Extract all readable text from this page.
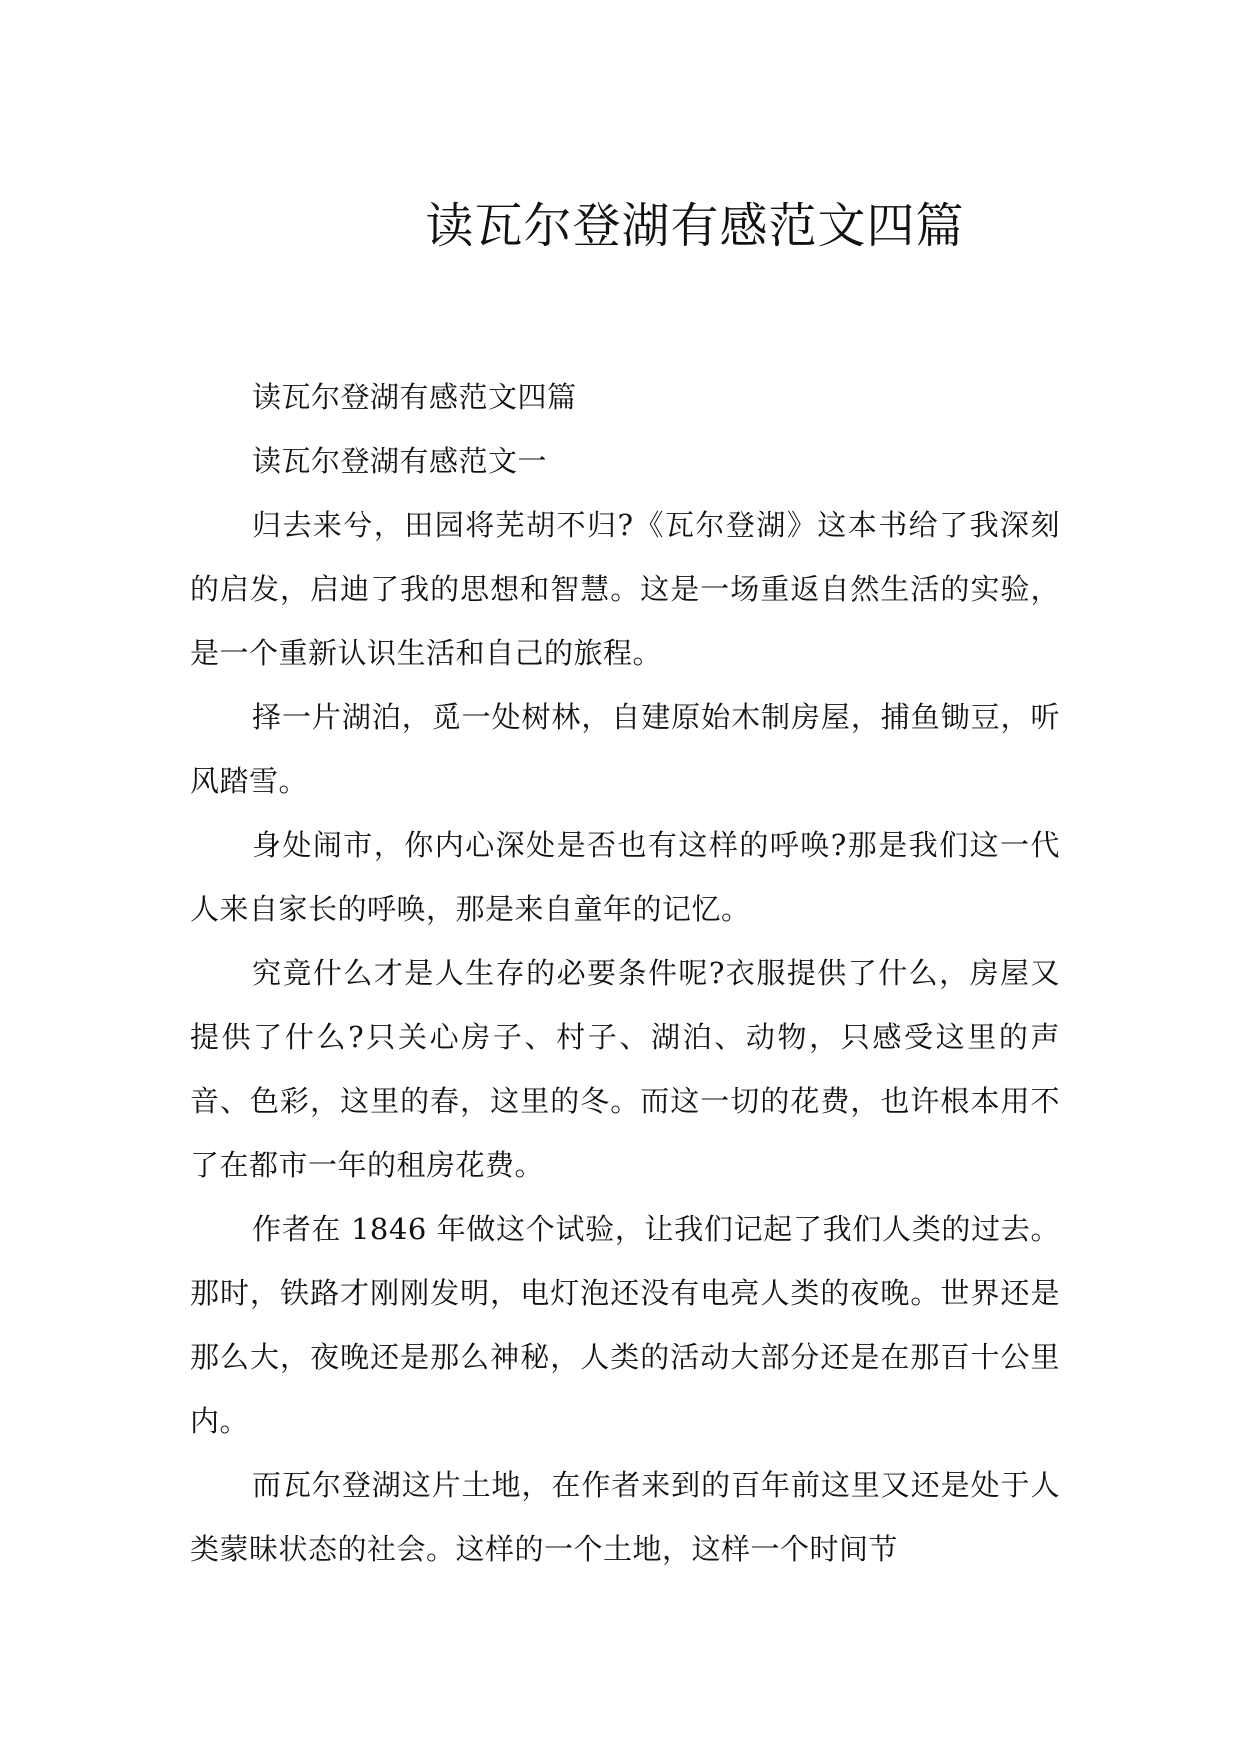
读瓦尔登湖有感范文四篇

读瓦尔登湖有感范文四篇

读瓦尔登湖有感范文一

归去来兮，田园将芜胡不归?《瓦尔登湖》这本书给了我深刻的启发，启迪了我的思想和智慧。这是一场重返自然生活的实验，是一个重新认识生活和自己的旅程。

择一片湖泊，觅一处树林，自建原始木制房屋，捕鱼锄豆，听风踏雪。

身处闹市，你内心深处是否也有这样的呼唤?那是我们这一代人来自家长的呼唤，那是来自童年的记忆。

究竟什么才是人生存的必要条件呢?衣服提供了什么，房屋又提供了什么?只关心房子、村子、湖泊、动物，只感受这里的声音、色彩，这里的春，这里的冬。而这一切的花费，也许根本用不了在都市一年的租房花费。

作者在 1846 年做这个试验，让我们记起了我们人类的过去。那时，铁路才刚刚发明，电灯泡还没有电亮人类的夜晚。世界还是那么大，夜晚还是那么神秘，人类的活动大部分还是在那百十公里内。

而瓦尔登湖这片土地，在作者来到的百年前这里又还是处于人类蒙昧状态的社会。这样的一个土地，这样一个时间节
